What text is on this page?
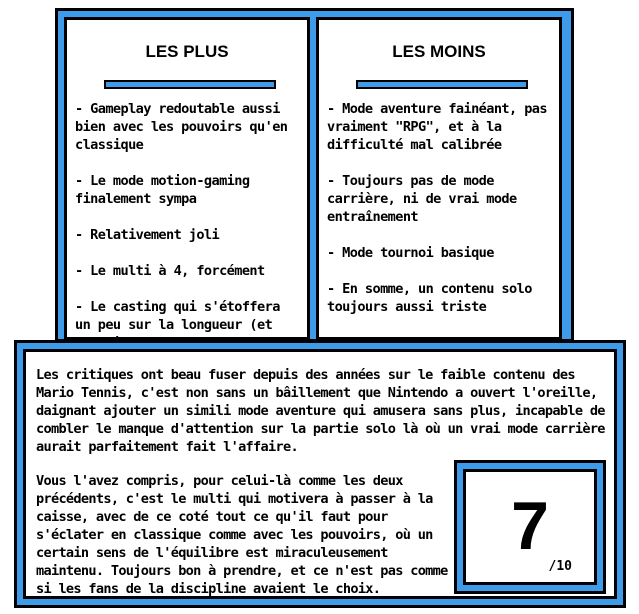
LES PLUS
- Gameplay redoutable aussi bien avec les pouvoirs qu'en classique
- Le mode motion-gaming finalement sympa
- Relativement joli
- Le multi à 4, forcément
- Le casting qui s'étoffera un peu sur la longueur (et
LES MOINS
- Mode aventure fainéant, pas vraiment "RPG", et à la difficulté mal calibrée
- Toujours pas de mode carrière, ni de vrai mode entraînement
- Mode tournoi basique
- En somme, un contenu solo toujours aussi triste

Les critiques ont beau fuser depuis des années sur le faible contenu des Mario Tennis, c'est non sans un bâillement que Nintendo a ouvert l'oreille, daignant ajouter un simili mode aventure qui amusera sans plus, incapable de combler le manque d'attention sur la partie solo là où un vrai mode carrière aurait parfaitement fait l'affaire.

Vous l'avez compris, pour celui-là comme les deux précédents, c'est le multi qui motivera à passer à la caisse, avec de ce coté tout ce qu'il faut pour s'éclater en classique comme avec les pouvoirs, où un certain sens de l'équilibre est miraculeusement maintenu. Toujours bon à prendre, et ce n'est pas comme si les fans de la discipline avaient le choix.

7
/10
